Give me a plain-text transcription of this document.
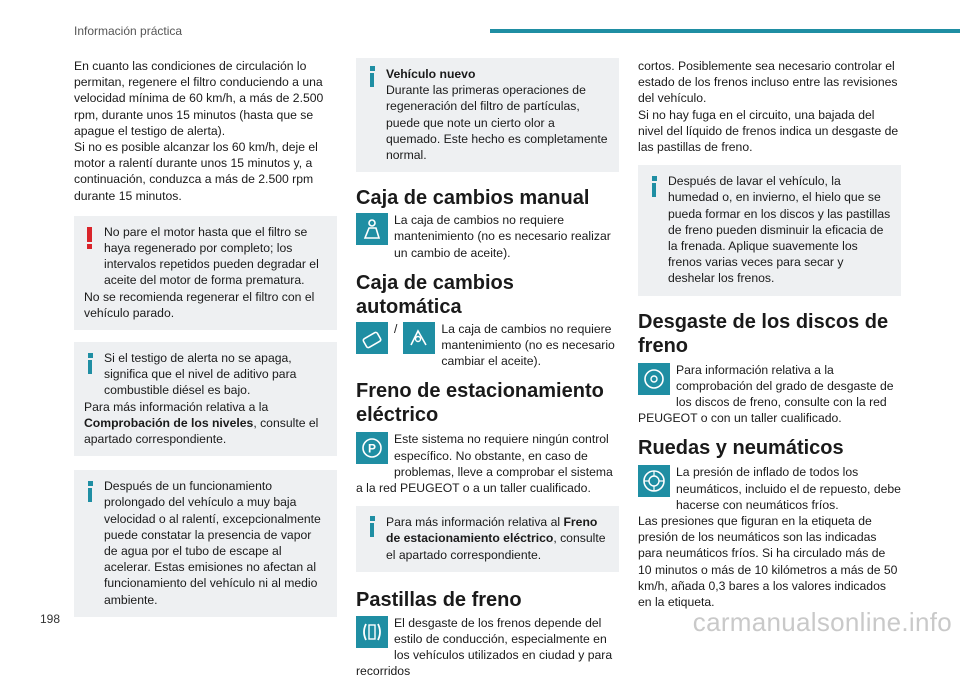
Información práctica

En cuanto las condiciones de circulación lo permitan, regenere el filtro conduciendo a una velocidad mínima de 60 km/h, a más de 2.500 rpm, durante unos 15 minutos (hasta que se apague el testigo de alerta).

Si no es posible alcanzar los 60 km/h, deje el motor a ralentí durante unos 15 minutos y, a continuación, conduzca a más de 2.500 rpm durante 15 minutos.

No pare el motor hasta que el filtro se haya regenerado por completo; los intervalos repetidos pueden degradar el aceite del motor de forma prematura.

No se recomienda regenerar el filtro con el vehículo parado.

Si el testigo de alerta no se apaga, significa que el nivel de aditivo para combustible diésel es bajo.

Para más información relativa a la
Comprobación de los niveles, consulte el apartado correspondiente.

Después de un funcionamiento prolongado del vehículo a muy baja velocidad o al ralentí, excepcionalmente puede constatar la presencia de vapor de agua por el tubo de escape al acelerar. Estas emisiones no afectan al funcionamiento del vehículo ni al medio ambiente.

Vehículo nuevo

Durante las primeras operaciones de regeneración del filtro de partículas, puede que note un cierto olor a quemado. Este hecho es completamente normal.

Caja de cambios manual

La caja de cambios no requiere mantenimiento (no es necesario realizar un cambio de aceite).

Caja de cambios automática

/	La caja de cambios no requiere mantenimiento (no es necesario cambiar el aceite).

Freno de estacionamiento eléctrico

P
Este sistema no requiere ningún control específico. No obstante, en caso de problemas, lleve a comprobar el sistema a la red PEUGEOT o a un taller cualificado.

Para más información relativa al Freno de estacionamiento eléctrico, consulte el apartado correspondiente.

Pastillas de freno

El desgaste de los frenos depende del estilo de conducción, especialmente en los vehículos utilizados en ciudad y para recorridos

cortos. Posiblemente sea necesario controlar el estado de los frenos incluso entre las revisiones del vehículo.

Si no hay fuga en el circuito, una bajada del nivel del líquido de frenos indica un desgaste de las pastillas de freno.

Después de lavar el vehículo, la humedad o, en invierno, el hielo que se pueda formar en los discos y las pastillas de freno pueden disminuir la eficacia de la frenada. Aplique suavemente los frenos varias veces para secar y deshelar los frenos.

Desgaste de los discos de freno

Para información relativa a la comprobación del grado de desgaste de los discos de freno, consulte con la red PEUGEOT o con un taller cualificado.

Ruedas y neumáticos

La presión de inflado de todos los neumáticos, incluido el de repuesto, debe hacerse con neumáticos fríos.

Las presiones que figuran en la etiqueta de presión de los neumáticos son las indicadas para neumáticos fríos. Si ha circulado más de 10 minutos o más de 10 kilómetros a más de 50 km/h, añada 0,3 bares a los valores indicados en la etiqueta.

198	carmanualsonline.info
